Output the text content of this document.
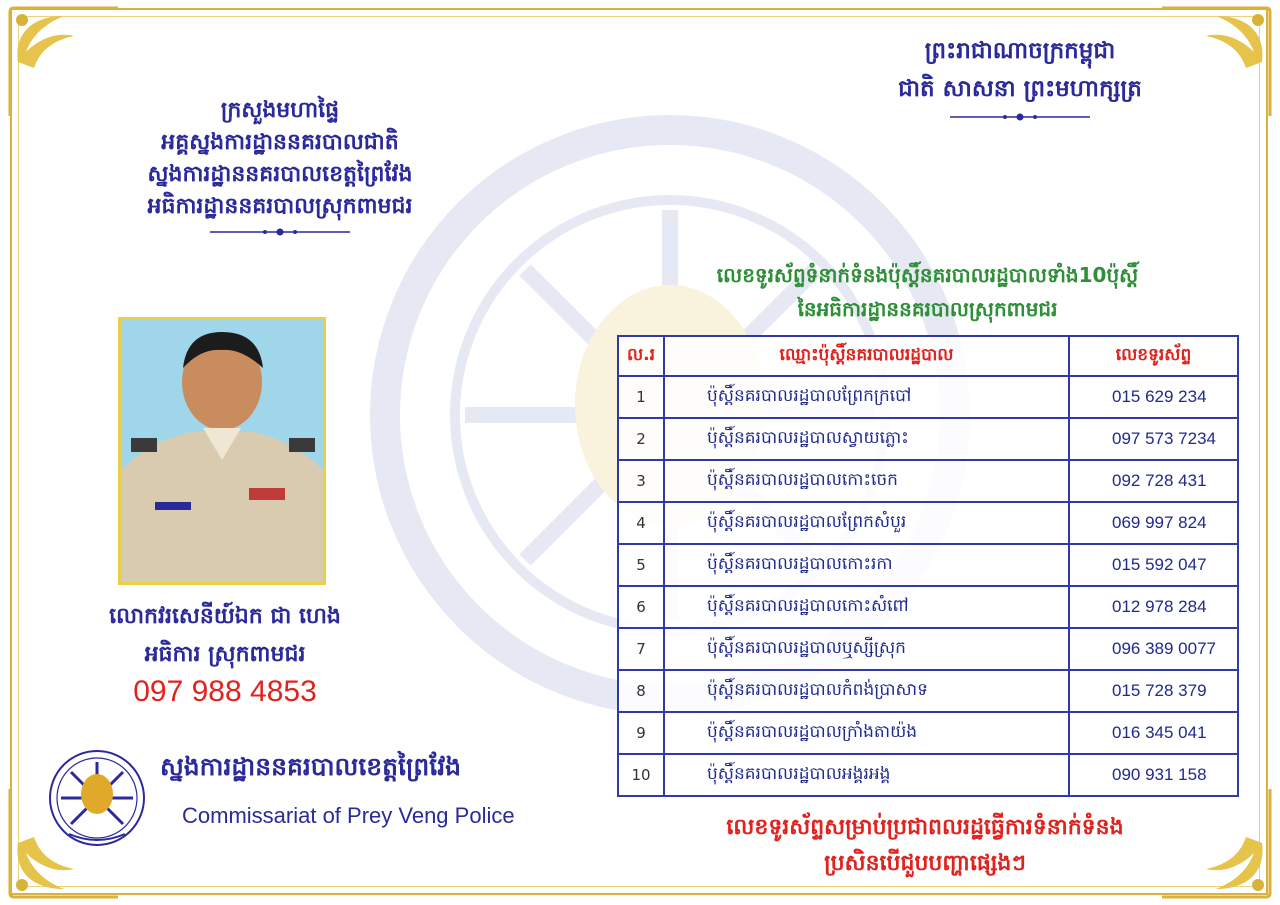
ក្រសួងមហាផ្ទៃ
អគ្គស្នងការដ្ឋាននគរបាលជាតិ
ស្នងការដ្ឋាននគរបាលខេត្តព្រៃវែង
អធិការដ្ឋាននគរបាលស្រុកពាមជរ
ព្រះរាជាណាចក្រកម្ពុជា
ជាតិ សាសនា ព្រះមហាក្សត្រ
លេខទូរស័ព្ទទំនាក់ទំនងប៉ុស្តិ៍នគរបាលរដ្ឋបាលទាំង10ប៉ុស្តិ៍
នៃអធិការដ្ឋាននគរបាលស្រុកពាមជរ
ល.រ	ឈ្មោះប៉ុស្តិ៍នគរបាលរដ្ឋបាល	លេខទូរស័ព្ទ
1	ប៉ុស្តិ៍នគរបាលរដ្ឋបាលព្រែកក្របៅ	015 629 234
2	ប៉ុស្តិ៍នគរបាលរដ្ឋបាលស្វាយភ្លោះ	097 573 7234
3	ប៉ុស្តិ៍នគរបាលរដ្ឋបាលកោះចេក	092 728 431
4	ប៉ុស្តិ៍នគរបាលរដ្ឋបាលព្រែកសំបួរ	069 997 824
5	ប៉ុស្តិ៍នគរបាលរដ្ឋបាលកោះរកា	015 592 047
6	ប៉ុស្តិ៍នគរបាលរដ្ឋបាលកោះសំពៅ	012 978 284
7	ប៉ុស្តិ៍នគរបាលរដ្ឋបាលឬស្សីស្រុក	096 389 0077
8	ប៉ុស្តិ៍នគរបាលរដ្ឋបាលកំពង់ប្រាសាទ	015 728 379
9	ប៉ុស្តិ៍នគរបាលរដ្ឋបាលក្រាំងតាយ៉ង	016 345 041
10	ប៉ុស្តិ៍នគរបាលរដ្ឋបាលអង្គរអង្គ	090 931 158
លោកវរសេនីយ៍ឯក ជា ហេង
អធិការ ស្រុកពាមជរ
097 988 4853
ស្នងការដ្ឋាននគរបាលខេត្តព្រៃវែង
Commissariat of Prey Veng Police	លេខទូរស័ព្ទសម្រាប់ប្រជាពលរដ្ឋធ្វើការទំនាក់ទំនង
ប្រសិនបើជួបបញ្ហាផ្សេងៗ
